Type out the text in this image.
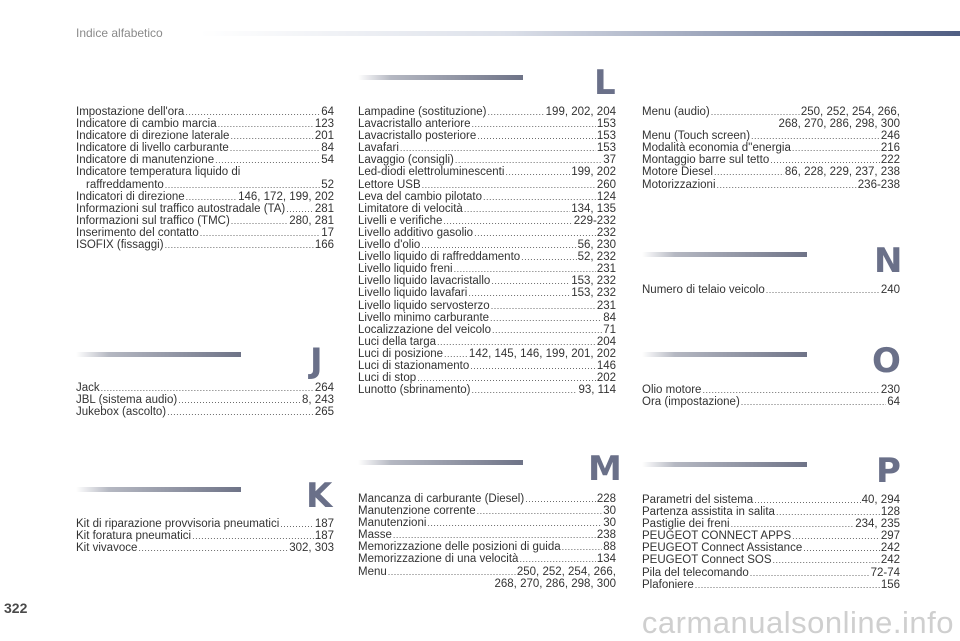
Indice alfabetico
Impostazione dell'ora .....	64
Indicatore di cambio marcia .....	123
Indicatore di direzione laterale .....	201
Indicatore di livello carburante .....	84
Indicatore di manutenzione .....	54
Indicatore temperatura liquido di
raffreddamento .....	52
Indicatori di direzione .....	146, 172, 199, 202
Informazioni sul traffico autostradale (TA) .....	281
Informazioni sul traffico (TMC) .....	280, 281
Inserimento del contatto .....	17
ISOFIX (fissaggi) .....	166
J
Jack .....	264
JBL (sistema audio) .....	8, 243
Jukebox (ascolto) .....	265
K
Kit di riparazione provvisoria pneumatici .....	187
Kit foratura pneumatici .....	187
Kit vivavoce .....	302, 303
L
Lampadine (sostituzione) .....	199, 202, 204
Lavacristallo anteriore .....	153
Lavacristallo posteriore .....	153
Lavafari .....	153
Lavaggio (consigli) .....	37
Led-diodi elettroluminescenti .....	199, 202
Lettore USB .....	260
Leva del cambio pilotato .....	124
Limitatore di velocità .....	134, 135
Livelli e verifiche .....	229-232
Livello additivo gasolio .....	232
Livello d'olio .....	56, 230
Livello liquido di raffreddamento .....	52, 232
Livello liquido freni .....	231
Livello liquido lavacristallo .....	153, 232
Livello liquido lavafari .....	153, 232
Livello liquido servosterzo .....	231
Livello minimo carburante .....	84
Localizzazione del veicolo .....	71
Luci della targa .....	204
Luci di posizione ..... 142, 145, 146, 199, 201, 202
Luci di stazionamento .....	146
Luci di stop .....	202
Lunotto (sbrinamento) .....	93, 114
M
Mancanza di carburante (Diesel) .....	228
Manutenzione corrente .....	30
Manutenzioni .....	30
Masse .....	238
Memorizzazione delle posizioni di guida .....	88
Memorizzazione di una velocità .....	134
Menu .....	250, 252, 254, 266,
268, 270, 286, 298, 300
Menu (audio) .....	250, 252, 254, 266,
268, 270, 286, 298, 300
Menu (Touch screen) .....	246
Modalità economia d''energia .....	216
Montaggio barre sul tetto .....	222
Motore Diesel .....	86, 228, 229, 237, 238
Motorizzazioni .....	236-238
N
Numero di telaio veicolo .....	240
O
Olio motore .....	230
Ora (impostazione) .....	64
P
Parametri del sistema .....	40, 294
Partenza assistita in salita .....	128
Pastiglie dei freni .....	234, 235
PEUGEOT CONNECT APPS .....	297
PEUGEOT Connect Assistance .....	242
PEUGEOT Connect SOS .....	242
Pila del telecomando .....	72-74
Plafoniere .....	156
322	carmanualsonline.info
